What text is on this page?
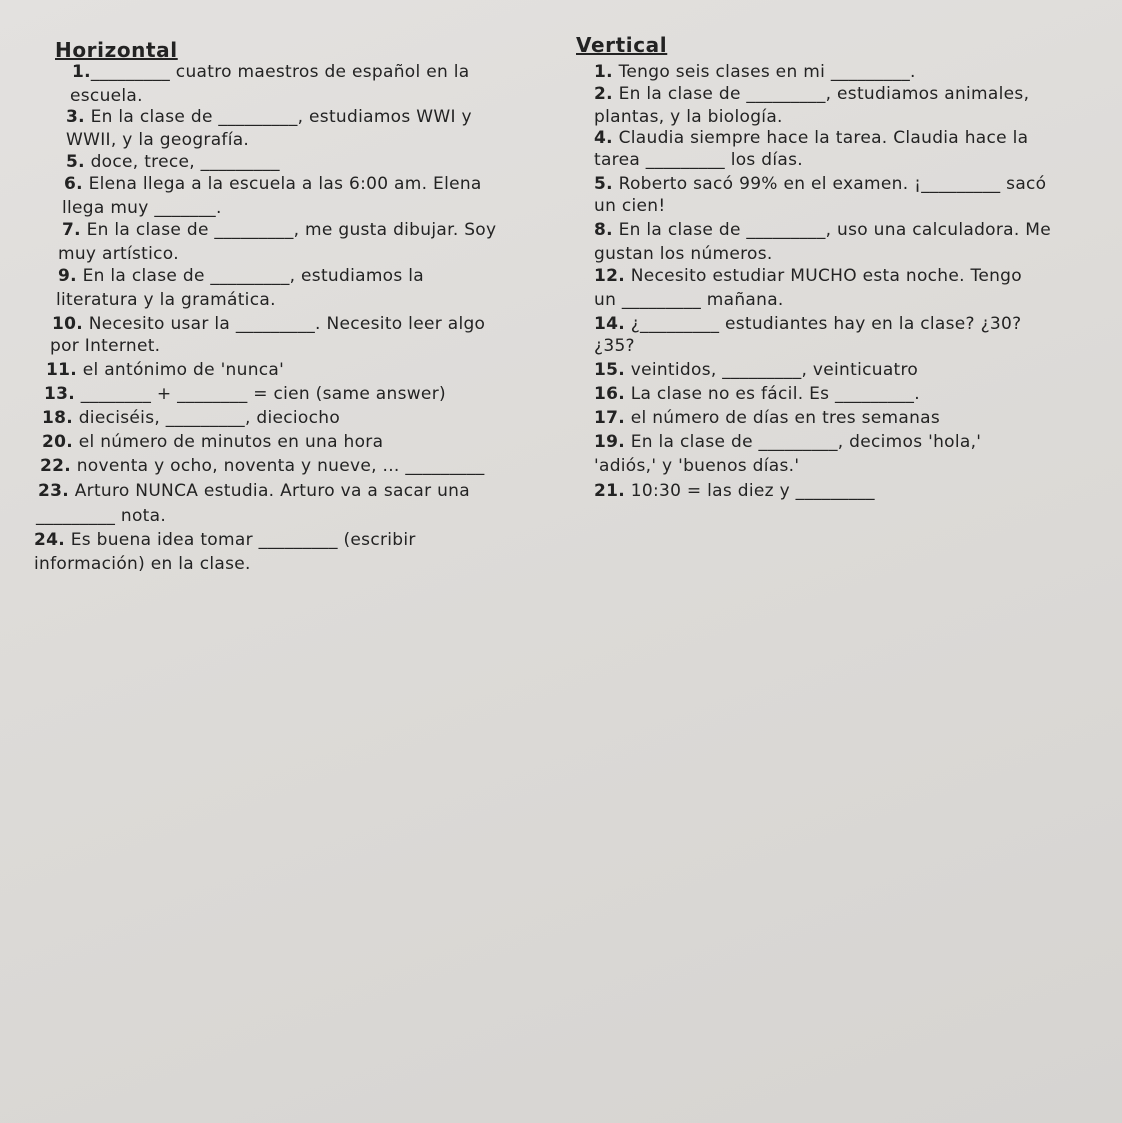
Horizontal
1._________ cuatro maestros de español en la
escuela.
3. En la clase de _________, estudiamos WWI y
WWII, y la geografía.
5. doce, trece, _________
6. Elena llega a la escuela a las 6:00 am. Elena
llega muy _______.
7. En la clase de _________, me gusta dibujar. Soy
muy artístico.
9. En la clase de _________, estudiamos la
literatura y la gramática.
10. Necesito usar la _________. Necesito leer algo
por Internet.
11. el antónimo de 'nunca'
13. ________ + ________ = cien (same answer)
18. dieciséis, _________, dieciocho
20. el número de minutos en una hora
22. noventa y ocho, noventa y nueve, ... _________
23. Arturo NUNCA estudia. Arturo va a sacar una
_________ nota.
24. Es buena idea tomar _________ (escribir
información) en la clase.
Vertical
1. Tengo seis clases en mi _________.
2. En la clase de _________, estudiamos animales,
plantas, y la biología.
4. Claudia siempre hace la tarea. Claudia hace la
tarea _________ los días.
5. Roberto sacó 99% en el examen. ¡_________ sacó
un cien!
8. En la clase de _________, uso una calculadora. Me
gustan los números.
12. Necesito estudiar MUCHO esta noche. Tengo
un _________ mañana.
14. ¿_________ estudiantes hay en la clase? ¿30?
¿35?
15. veintidos, _________, veinticuatro
16. La clase no es fácil. Es _________.
17. el número de días en tres semanas
19. En la clase de _________, decimos 'hola,'
'adiós,' y 'buenos días.'
21. 10:30 = las diez y _________
